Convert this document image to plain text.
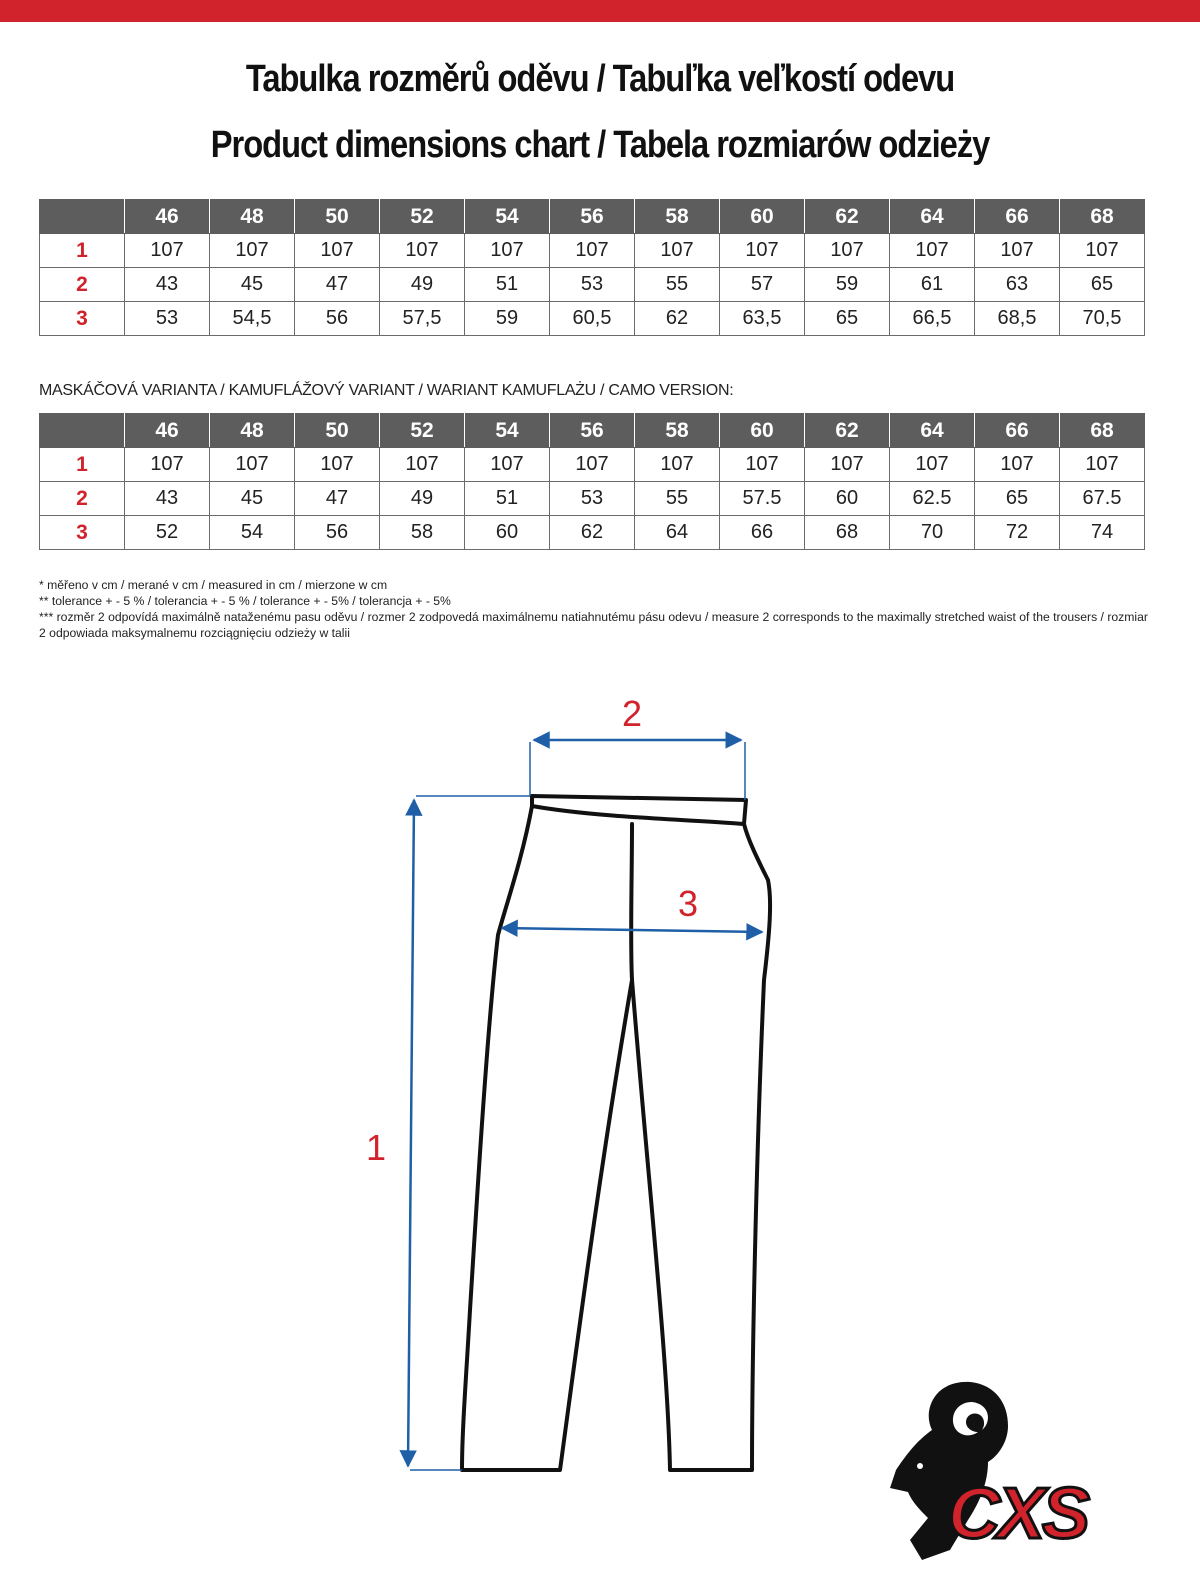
Tabulka rozměrů oděvu / Tabuľka veľkostí odevu
Product dimensions chart / Tabela rozmiarów odzieży
	46	48	50	52	54	56	58	60	62	64	66	68
1	107	107	107	107	107	107	107	107	107	107	107	107
2	43	45	47	49	51	53	55	57	59	61	63	65
3	53	54,5	56	57,5	59	60,5	62	63,5	65	66,5	68,5	70,5
MASKÁČOVÁ VARIANTA / KAMUFLÁŽOVÝ VARIANT / WARIANT KAMUFLAŻU / CAMO VERSION:
	46	48	50	52	54	56	58	60	62	64	66	68
1	107	107	107	107	107	107	107	107	107	107	107	107
2	43	45	47	49	51	53	55	57.5	60	62.5	65	67.5
3	52	54	56	58	60	62	64	66	68	70	72	74

* měřeno v cm / merané v cm / measured in cm / mierzone w cm

** tolerance + - 5 % / tolerancia + - 5 % / tolerance + - 5% / tolerancja + - 5%

*** rozměr 2 odpovídá maximálně nataženému pasu oděvu / rozmer 2 zodpovedá maximálnemu natiahnutému pásu odevu / measure 2 corresponds to the maximally stretched waist of the trousers / rozmiar 2 odpowiada maksymalnemu rozciągnięciu odzieży w talii

2
3
1
CXS
